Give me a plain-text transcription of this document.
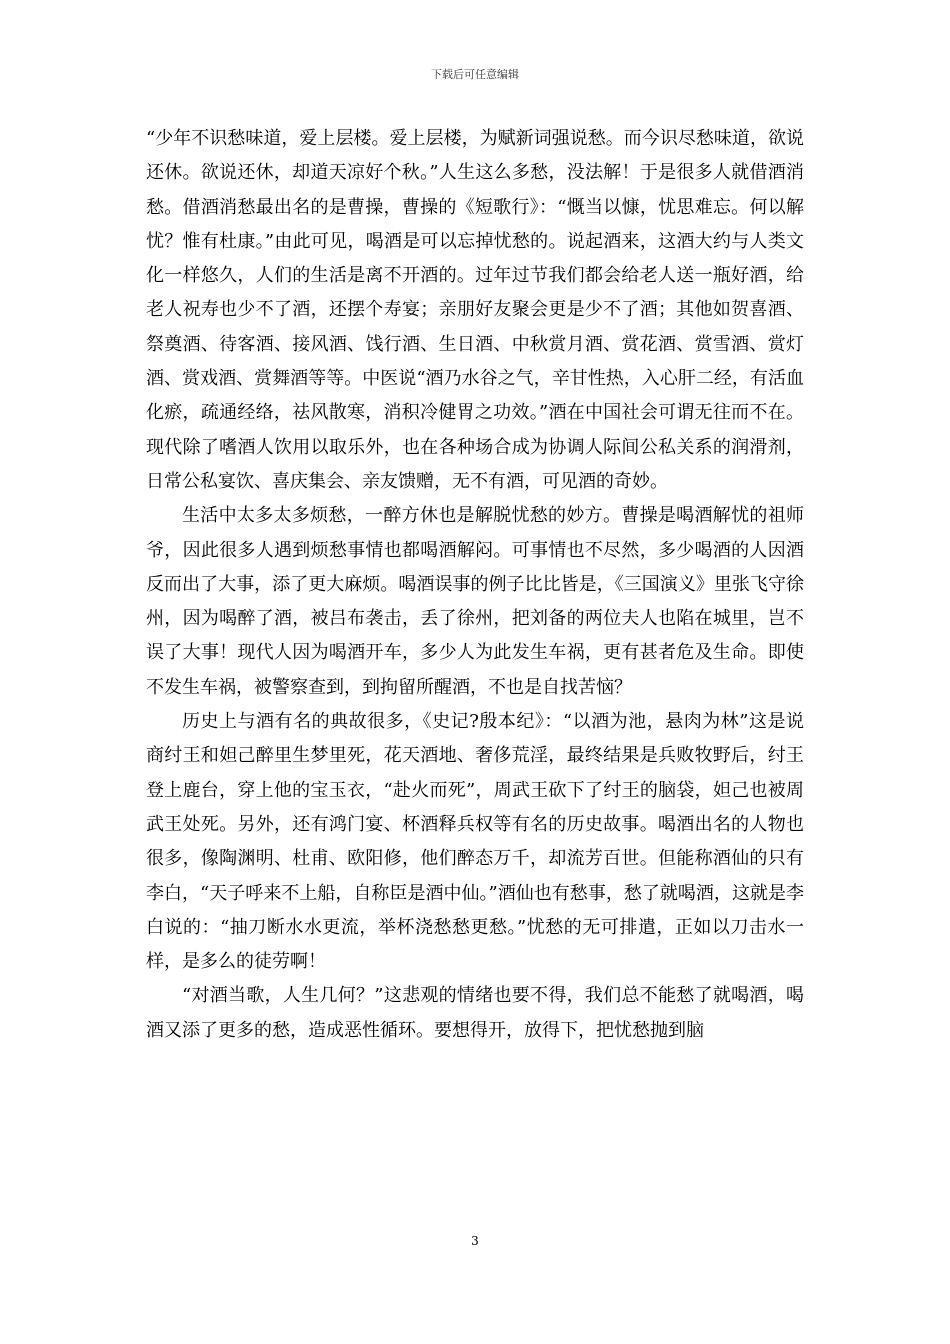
下载后可任意编辑

“少年不识愁味道，爱上层楼。爱上层楼，为赋新词强说愁。而今识尽愁味道，欲说还休。欲说还休，却道天凉好个秋。”人生这么多愁，没法解！于是很多人就借酒消愁。借酒消愁最出名的是曹操，曹操的《短歌行》：“慨当以慷，忧思难忘。何以解忧？惟有杜康。”由此可见，喝酒是可以忘掉忧愁的。说起酒来，这酒大约与人类文化一样悠久，人们的生活是离不开酒的。过年过节我们都会给老人送一瓶好酒，给老人祝寿也少不了酒，还摆个寿宴；亲朋好友聚会更是少不了酒；其他如贺喜酒、祭奠酒、待客酒、接风酒、饯行酒、生日酒、中秋赏月酒、赏花酒、赏雪酒、赏灯酒、赏戏酒、赏舞酒等等。中医说“酒乃水谷之气，辛甘性热，入心肝二经，有活血化瘀，疏通经络，祛风散寒，消积冷健胃之功效。”酒在中国社会可谓无往而不在。现代除了嗜酒人饮用以取乐外，也在各种场合成为协调人际间公私关系的润滑剂，日常公私宴饮、喜庆集会、亲友馈赠，无不有酒，可见酒的奇妙。

生活中太多太多烦愁，一醉方休也是解脱忧愁的妙方。曹操是喝酒解忧的祖师爷，因此很多人遇到烦愁事情也都喝酒解闷。可事情也不尽然，多少喝酒的人因酒反而出了大事，添了更大麻烦。喝酒误事的例子比比皆是，《三国演义》里张飞守徐州，因为喝醉了酒，被吕布袭击，丢了徐州，把刘备的两位夫人也陷在城里，岂不误了大事！现代人因为喝酒开车，多少人为此发生车祸，更有甚者危及生命。即使不发生车祸，被警察查到，到拘留所醒酒，不也是自找苦恼？

历史上与酒有名的典故很多，《史记?殷本纪》：“以酒为池，悬肉为林”这是说商纣王和妲己醉里生梦里死，花天酒地、奢侈荒淫，最终结果是兵败牧野后，纣王登上鹿台，穿上他的宝玉衣，“赴火而死”，周武王砍下了纣王的脑袋，妲己也被周武王处死。另外，还有鸿门宴、杯酒释兵权等有名的历史故事。喝酒出名的人物也很多，像陶渊明、杜甫、欧阳修，他们醉态万千，却流芳百世。但能称酒仙的只有李白，“天子呼来不上船，自称臣是酒中仙。”酒仙也有愁事，愁了就喝酒，这就是李白说的：“抽刀断水水更流，举杯浇愁愁更愁。”忧愁的无可排遣，正如以刀击水一样，是多么的徒劳啊！

“对酒当歌，人生几何？”这悲观的情绪也要不得，我们总不能愁了就喝酒，喝酒又添了更多的愁，造成恶性循环。要想得开，放得下，把忧愁抛到脑

3
